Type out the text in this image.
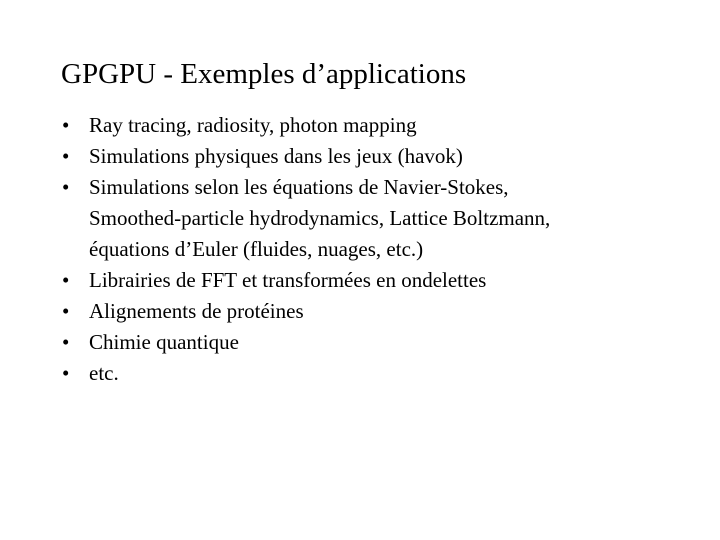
GPGPU - Exemples d’applications
• Ray tracing, radiosity, photon mapping
• Simulations physiques dans les jeux (havok)
• Simulations selon les équations de Navier-Stokes,
Smoothed-particle hydrodynamics, Lattice Boltzmann,
équations d’Euler (fluides, nuages, etc.)
• Librairies de FFT et transformées en ondelettes
• Alignements de protéines
• Chimie quantique
• etc.
